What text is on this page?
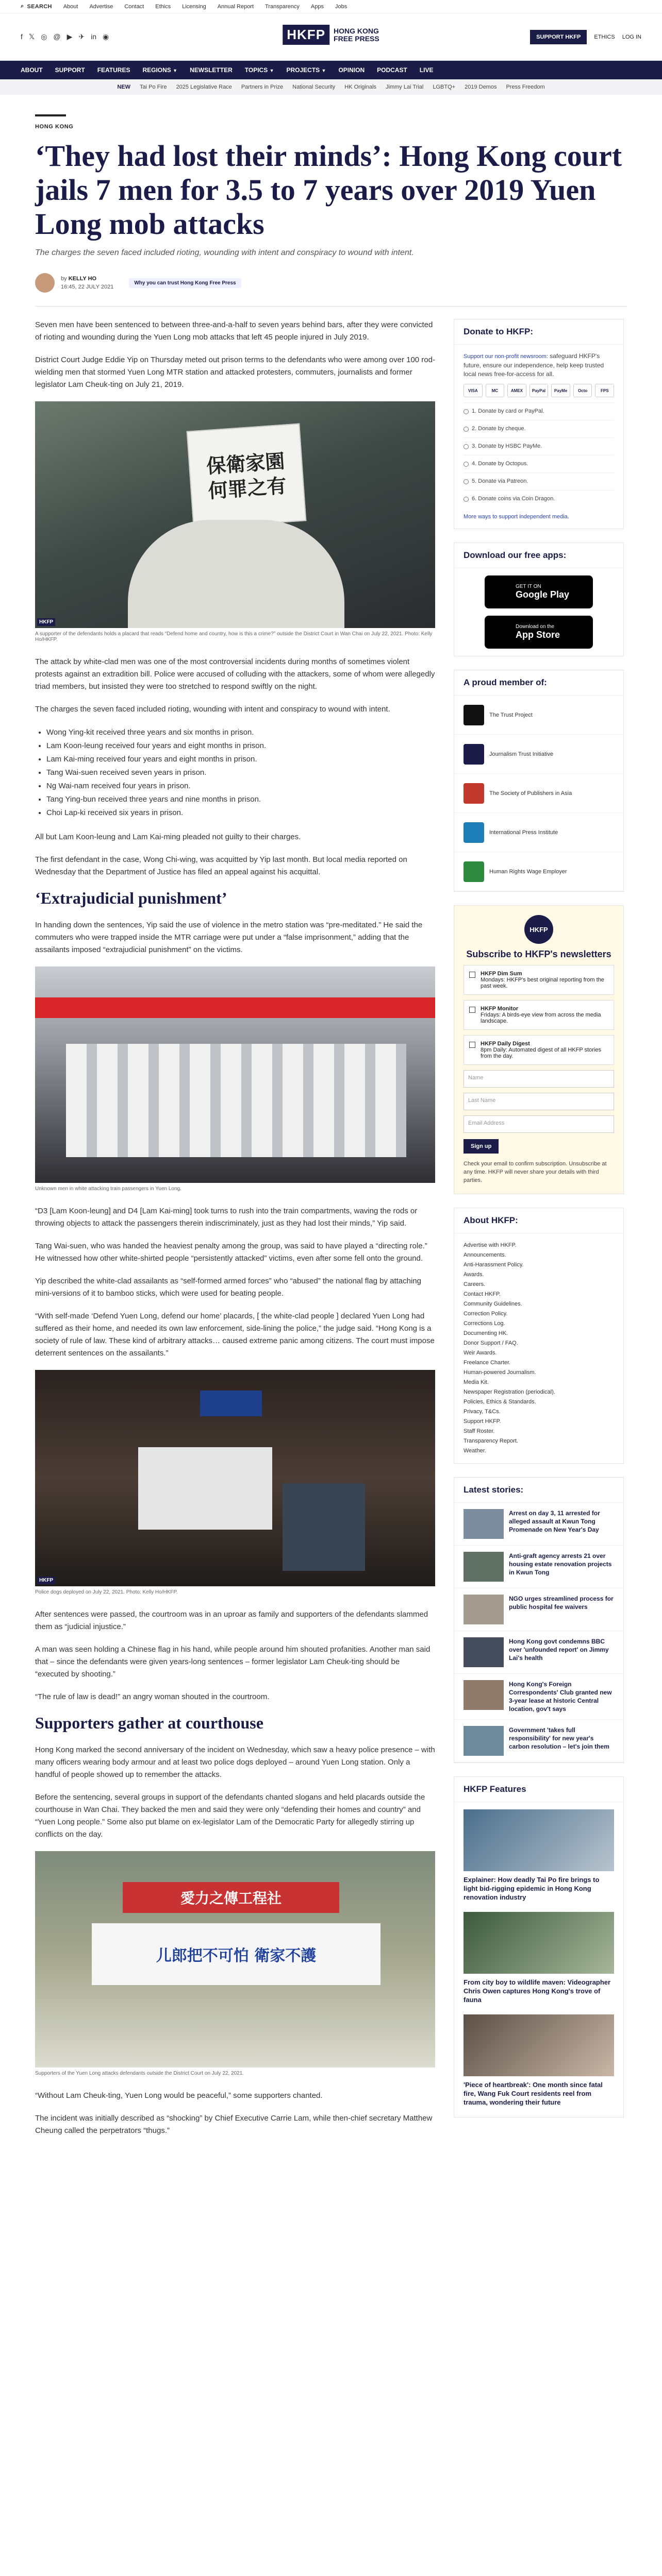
⌕ SEARCH About Advertise Contact Ethics Licensing Annual Report Transparency Apps Jobs
f 𝕏 ◎ @ ▶ ✈ in ◉	HKFP	HONG KONG
FREE PRESS	SUPPORT HKFP	ETHICS LOG IN
ABOUT SUPPORT FEATURES REGIONS ▼ NEWSLETTER TOPICS ▼ PROJECTS ▼ OPINION PODCAST LIVE
NEW Tai Po Fire 2025 Legislative Race Partners in Prize National Security HK Originals Jimmy Lai Trial LGBTQ+ 2019 Demos Press Freedom
HONG KONG
‘They had lost their minds’: Hong Kong court jails 7 men for 3.5 to 7 years over 2019 Yuen Long mob attacks
The charges the seven faced included rioting, wounding with intent and conspiracy to wound with intent.
by KELLY HO
16:45, 22 JULY 2021
Why you can trust Hong Kong Free Press

Seven men have been sentenced to between three-and-a-half to seven years behind bars, after they were convicted of rioting and wounding during the Yuen Long mob attacks that left 45 people injured in July 2019.

District Court Judge Eddie Yip on Thursday meted out prison terms to the defendants who were among over 100 rod-wielding men that stormed Yuen Long MTR station and attacked protesters, commuters, journalists and former legislator Lam Cheuk-ting on July 21, 2019.

保衛家園 何罪之有
HKFP
A supporter of the defendants holds a placard that reads “Defend home and country, how is this a crime?” outside the District Court in Wan Chai on July 22, 2021. Photo: Kelly Ho/HKFP.

The attack by white-clad men was one of the most controversial incidents during months of sometimes violent protests against an extradition bill. Police were accused of colluding with the attackers, some of whom were allegedly triad members, but insisted they were too stretched to respond swiftly on the night.

The charges the seven faced included rioting, wounding with intent and conspiracy to wound with intent.

• Wong Ying-kit received three years and six months in prison.
• Lam Koon-leung received four years and eight months in prison.
• Lam Kai-ming received four years and eight months in prison.
• Tang Wai-suen received seven years in prison.
• Ng Wai-nam received four years in prison.
• Tang Ying-bun received three years and nine months in prison.
• Choi Lap-ki received six years in prison.

All but Lam Koon-leung and Lam Kai-ming pleaded not guilty to their charges.

The first defendant in the case, Wong Chi-wing, was acquitted by Yip last month. But local media reported on Wednesday that the Department of Justice has filed an appeal against his acquittal.

‘Extrajudicial punishment’

In handing down the sentences, Yip said the use of violence in the metro station was “pre-meditated.” He said the commuters who were trapped inside the MTR carriage were put under a “false imprisonment,” adding that the assailants imposed “extrajudicial punishment” on the victims.

Unknown men in white attacking train passengers in Yuen Long.

“D3 [Lam Koon-leung] and D4 [Lam Kai-ming] took turns to rush into the train compartments, waving the rods or throwing objects to attack the passengers therein indiscriminately, just as they had lost their minds,” Yip said.

Tang Wai-suen, who was handed the heaviest penalty among the group, was said to have played a “directing role.” He witnessed how other white-shirted people “persistently attacked” victims, even after some fell onto the ground.

Yip described the white-clad assailants as “self-formed armed forces” who “abused” the national flag by attaching mini-versions of it to bamboo sticks, which were used for beating people.

“With self-made ‘Defend Yuen Long, defend our home’ placards, [ the white-clad people ] declared Yuen Long had suffered as their home, and needed its own law enforcement, side-lining the police,” the judge said. “Hong Kong is a society of rule of law. These kind of arbitrary attacks… caused extreme panic among citizens. The court must impose deterrent sentences on the assailants.”

HKFP
Police dogs deployed on July 22, 2021. Photo: Kelly Ho/HKFP.

After sentences were passed, the courtroom was in an uproar as family and supporters of the defendants slammed them as “judicial injustice.”

A man was seen holding a Chinese flag in his hand, while people around him shouted profanities. Another man said that – since the defendants were given years-long sentences – former legislator Lam Cheuk-ting should be “executed by shooting.”

“The rule of law is dead!” an angry woman shouted in the courtroom.

Supporters gather at courthouse

Hong Kong marked the second anniversary of the incident on Wednesday, which saw a heavy police presence – with many officers wearing body armour and at least two police dogs deployed – around Yuen Long station. Only a handful of people showed up to remember the attacks.

Before the sentencing, several groups in support of the defendants chanted slogans and held placards outside the courthouse in Wan Chai. They backed the men and said they were only “defending their homes and country” and “Yuen Long people.” Some also put blame on ex-legislator Lam of the Democratic Party for allegedly stirring up conflicts on the day.

愛力之傳工程社
儿郎把不可怕 衛家不護
Supporters of the Yuen Long attacks defendants outside the District Court on July 22, 2021.

“Without Lam Cheuk-ting, Yuen Long would be peaceful,” some supporters chanted.

The incident was initially described as “shocking” by Chief Executive Carrie Lam, while then-chief secretary Matthew Cheung called the perpetrators “thugs.”

Donate to HKFP:
Support our non-profit newsroom: safeguard HKFP's future, ensure our independence, help keep trusted local news free-for-access for all.
VISA	MC	AMEX	PayPal	PayMe	Octo	FPS
1. Donate by card or PayPal.
2. Donate by cheque.
3. Donate by HSBC PayMe.
4. Donate by Octopus.
5. Donate via Patreon.
6. Donate coins via Coin Dragon.
More ways to support independent media.
Download our free apps:
GET IT ON
Google Play
Download on the
App Store
A proud member of:
The Trust Project
Journalism Trust Initiative
The Society of Publishers in Asia
International Press Institute
Human Rights Wage Employer
HKFP
Subscribe to HKFP's newsletters
HKFP Dim Sum
Mondays: HKFP's best original reporting from the past week.
HKFP Monitor
Fridays: A birds-eye view from across the media landscape.
HKFP Daily Digest
8pm Daily: Automated digest of all HKFP stories from the day.
Name
Last Name
Email Address
Sign up

Check your email to confirm subscription. Unsubscribe at any time. HKFP will never share your details with third parties.

About HKFP:
Advertise with HKFP.
Announcements.
Anti-Harassment Policy.
Awards.
Careers.
Contact HKFP.
Community Guidelines.
Correction Policy.
Corrections Log.
Documenting HK.
Donor Support / FAQ.
Weir Awards.
Freelance Charter.
Human-powered Journalism.
Media Kit.
Newspaper Registration (periodical).
Policies, Ethics & Standards.
Privacy, T&Cs.
Support HKFP.
Staff Roster.
Transparency Report.
Weather.
Latest stories:
Arrest on day 3, 11 arrested for alleged assault at Kwun Tong Promenade on New Year's Day
Anti-graft agency arrests 21 over housing estate renovation projects in Kwun Tong
NGO urges streamlined process for public hospital fee waivers
Hong Kong govt condemns BBC over 'unfounded report' on Jimmy Lai's health
Hong Kong's Foreign Correspondents' Club granted new 3-year lease at historic Central location, gov't says
Government 'takes full responsibility' for new year's carbon resolution – let's join them
HKFP Features
Explainer: How deadly Tai Po fire brings to light bid-rigging epidemic in Hong Kong renovation industry
From city boy to wildlife maven: Videographer Chris Owen captures Hong Kong's trove of fauna
'Piece of heartbreak': One month since fatal fire, Wang Fuk Court residents reel from trauma, wondering their future
